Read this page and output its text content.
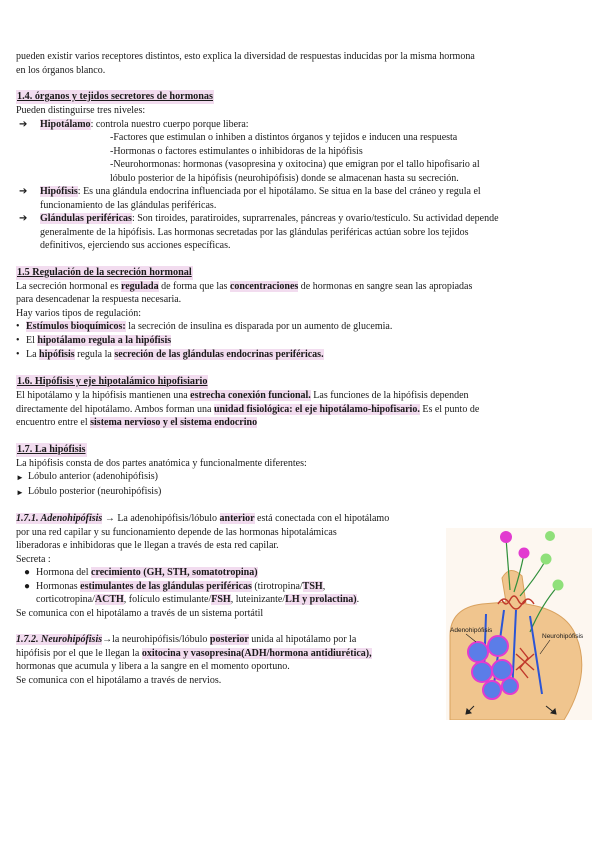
pueden existir varios receptores distintos, esto explica la diversidad de respuestas inducidas por la misma hormona

en los órganos blanco.

1.4. órganos y tejidos secretores de hormonas

Pueden distinguirse tres niveles:

➔	Hipotálamo: controla nuestro cuerpo porque libera:

-Factores que estimulan o inhiben a distintos órganos y tejidos e inducen una respuesta

-Hormonas o factores estimulantes o inhibidoras de la hipófisis

-Neurohormonas: hormonas (vasopresina y oxitocina) que emigran por el tallo hipofisario al

lóbulo posterior de la hipófisis (neurohipófisis) donde se almacenan hasta su secreción.

➔	Hipófisis: Es una glándula endocrina influenciada por el hipotálamo. Se situa en la base del cráneo y regula el
funcionamiento de las glándulas periféricas.
➔	Glándulas periféricas: Son tiroides, paratiroides, suprarrenales, páncreas y ovario/testículo. Su actividad depende
generalmente de la hipófisis. Las hormonas secretadas por las glándulas periféricas actúan sobre los tejidos
definitivos, ejerciendo sus acciones específicas.
1.5 Regulación de la secreción hormonal

La secreción hormonal es regulada de forma que las concentraciones de hormonas en sangre sean las apropiadas

para desencadenar la respuesta necesaria.

Hay varios tipos de regulación:

• Estímulos bioquímicos: la secreción de insulina es disparada por un aumento de glucemia.
• El hipotálamo regula a la hipófisis
• La hipófisis regula la secreción de las glándulas endocrinas periféricas.
1.6. Hipófisis y eje hipotalámico hipofisiario

El hipotálamo y la hipófisis mantienen una estrecha conexión funcional. Las funciones de la hipófisis dependen

directamente del hipotálamo. Ambos forman una unidad fisiológica: el eje hipotálamo-hipofisario. Es el punto de

encuentro entre el sistema nervioso y el sistema endocrino

1.7. La hipófisis

La hipófisis consta de dos partes anatómica y funcionalmente diferentes:

► Lóbulo anterior (adenohipófisis)
► Lóbulo posterior (neurohipófisis)

1.7.1. Adenohipófisis → La adenohipófisis/lóbulo anterior está conectada con el hipotálamo

por una red capilar y su funcionamiento depende de las hormonas hipotalámicas

liberadoras e inhibidoras que le llegan a través de esta red capilar.

Secreta :

● Hormona del crecimiento (GH, STH, somatotropina)
● Hormonas estimulantes de las glándulas periféricas (tirotropina/TSH,
corticotropina/ACTH, folículo estimulante/FSH, luteinizante/LH y prolactina).

Se comunica con el hipotálamo a través de un sistema portátil

1.7.2. Neurohipófisis→la neurohipófisis/lóbulo posterior unida al hipotálamo por la

hipófisis por el que le llegan la oxitocina y vasopresina(ADH/hormona antidiurética),

hormonas que acumula y libera a la sangre en el momento oportuno.

Se comunica con el hipotálamo a través de nervios.

Adenohipófisis
Neurohipófisis
